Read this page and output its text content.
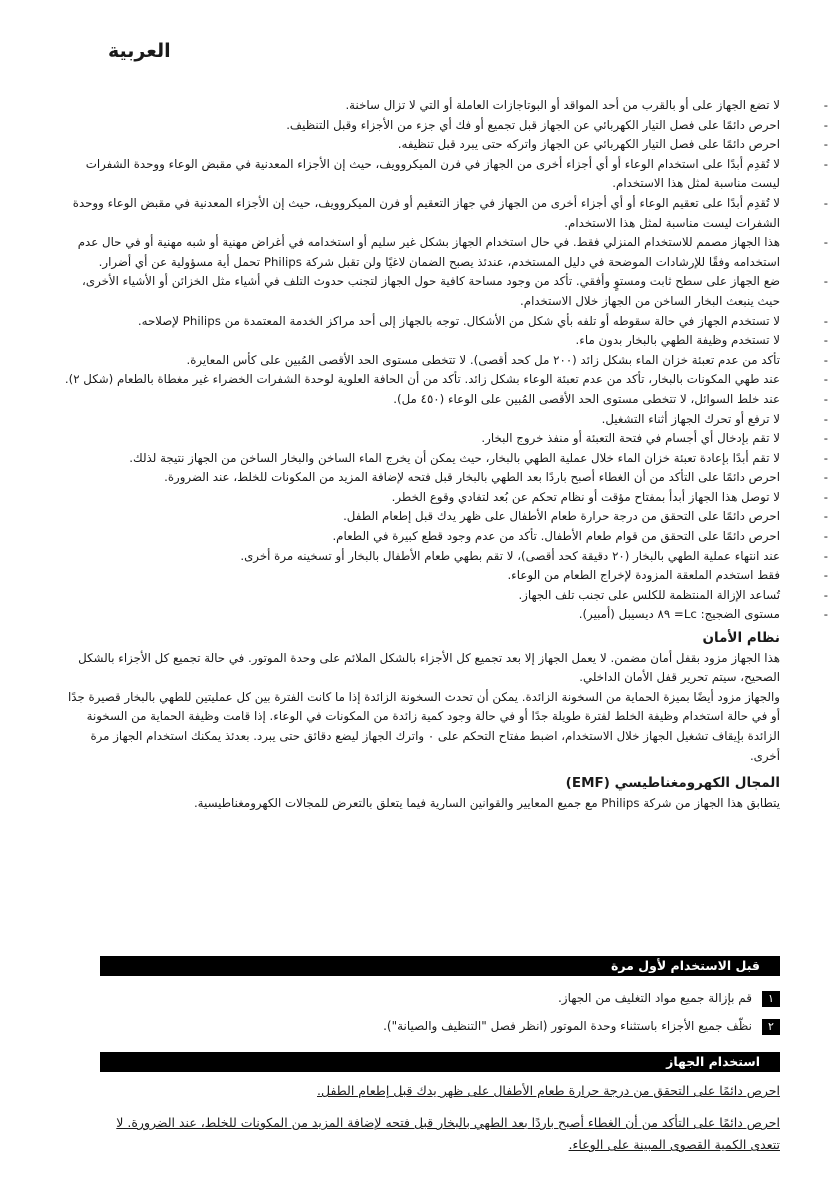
العربية

-
لا تضع الجهاز على أو بالقرب من أحد المواقد أو البوتاجازات العاملة أو التي لا تزال ساخنة.

-
احرص دائمًا على فصل التيار الكهربائي عن الجهاز قبل تجميع أو فك أي جزء من الأجزاء وقبل التنظيف.

-
احرص دائمًا على فصل التيار الكهربائي عن الجهاز واتركه حتى يبرد قبل تنظيفه.

-
لا تُقدِم أبدًا على استخدام الوعاء أو أي أجزاء أخرى من الجهاز في فرن الميكروويف، حيث إن الأجزاء المعدنية في مقبض الوعاء ووحدة الشفرات ليست مناسبة لمثل هذا الاستخدام.

-
لا تُقدِم أبدًا على تعقيم الوعاء أو أي أجزاء أخرى من الجهاز في جهاز التعقيم أو فرن الميكروويف، حيث إن الأجزاء المعدنية في مقبض الوعاء ووحدة الشفرات ليست مناسبة لمثل هذا الاستخدام.

-
هذا الجهاز مصمم للاستخدام المنزلي فقط. في حال استخدام الجهاز بشكل غير سليم أو استخدامه في أغراض مهنية أو شبه مهنية أو في حال عدم استخدامه وفقًا للإرشادات الموضحة في دليل المستخدم، عندئذ يصبح الضمان لاغيًا ولن تقبل شركة Philips تحمل أية مسؤولية عن أي أضرار.

-
ضع الجهاز على سطح ثابت ومستوٍ وأفقي. تأكد من وجود مساحة كافية حول الجهاز لتجنب حدوث التلف في أشياء مثل الخزائن أو الأشياء الأخرى، حيث ينبعث البخار الساخن من الجهاز خلال الاستخدام.

-
لا تستخدم الجهاز في حالة سقوطه أو تلفه بأي شكل من الأشكال. توجه بالجهاز إلى أحد مراكز الخدمة المعتمدة من Philips لإصلاحه.

-
لا تستخدم وظيفة الطهي بالبخار بدون ماء.

-
تأكد من عدم تعبئة خزان الماء بشكل زائد (٢٠٠ مل كحد أقصى). لا تتخطى مستوى الحد الأقصى المُبين على كأس المعايرة.

-
عند طهي المكونات بالبخار، تأكد من عدم تعبئة الوعاء بشكل زائد. تأكد من أن الحافة العلوية لوحدة الشفرات الخضراء غير مغطاة بالطعام (شكل ٢).

-
عند خلط السوائل، لا تتخطى مستوى الحد الأقصى المُبين على الوعاء (٤٥٠ مل).

-
لا ترفع أو تحرك الجهاز أثناء التشغيل.

-
لا تقم بإدخال أي أجسام في فتحة التعبئة أو منفذ خروج البخار.

-
لا تقم أبدًا بإعادة تعبئة خزان الماء خلال عملية الطهي بالبخار، حيث يمكن أن يخرج الماء الساخن والبخار الساخن من الجهاز نتيجة لذلك.

-
احرص دائمًا على التأكد من أن الغطاء أصبح باردًا بعد الطهي بالبخار قبل فتحه لإضافة المزيد من المكونات للخلط، عند الضرورة.

-
لا توصل هذا الجهاز أبدأ بمفتاح مؤقت أو نظام تحكم عن بُعد لتفادي وقوع الخطر.

-
احرص دائمًا على التحقق من درجة حرارة طعام الأطفال على ظهر يدك قبل إطعام الطفل.

-
احرص دائمًا على التحقق من قوام طعام الأطفال. تأكد من عدم وجود قطع كبيرة في الطعام.

-
عند انتهاء عملية الطهي بالبخار (٢٠ دقيقة كحد أقصى)، لا تقم بطهي طعام الأطفال بالبخار أو تسخينه مرة أخرى.

-
فقط استخدم الملعقة المزودة لإخراج الطعام من الوعاء.

-
تُساعد الإزالة المنتظمة للكلس على تجنب تلف الجهاز.

-
مستوى الضجيج: Lc= ٨٩ ديسيبل (أمبير).

نظام الأمان

هذا الجهاز مزود بقفل أمان مضمن. لا يعمل الجهاز إلا بعد تجميع كل الأجزاء بالشكل الملائم على وحدة الموتور. في حالة تجميع كل الأجزاء بالشكل الصحيح، سيتم تحرير قفل الأمان الداخلي.

والجهاز مزود أيضًا بميزة الحماية من السخونة الزائدة. يمكن أن تحدث السخونة الزائدة إذا ما كانت الفترة بين كل عمليتين للطهي بالبخار قصيرة جدًا أو في حالة استخدام وظيفة الخلط لفترة طويلة جدًا أو في حالة وجود كمية زائدة من المكونات في الوعاء. إذا قامت وظيفة الحماية من السخونة الزائدة بإيقاف تشغيل الجهاز خلال الاستخدام، اضبط مفتاح التحكم على ٠ واترك الجهاز ليضع دقائق حتى يبرد. بعدئذ يمكنك استخدام الجهاز مرة أخرى.

المجال الكهرومغناطيسي (EMF)

يتطابق هذا الجهاز من شركة Philips مع جميع المعايير والقوانين السارية فيما يتعلق بالتعرض للمجالات الكهرومغناطيسية.

قبل الاستخدام لأول مرة
١قم بإزالة جميع مواد التغليف من الجهاز.
٢نظّف جميع الأجزاء باستثناء وحدة الموتور (انظر فصل "التنظيف والصيانة").
استخدام الجهاز
احرص دائمًا على التحقق من درجة حرارة طعام الأطفال على ظهر يدك قبل إطعام الطفل.
احرص دائمًا على التأكد من أن الغطاء أصبح باردًا بعد الطهي بالبخار قبل فتحه لإضافة المزيد من المكونات للخلط، عند الضرورة. لا تتعدى الكمية القصوى المبينة على الوعاء.
